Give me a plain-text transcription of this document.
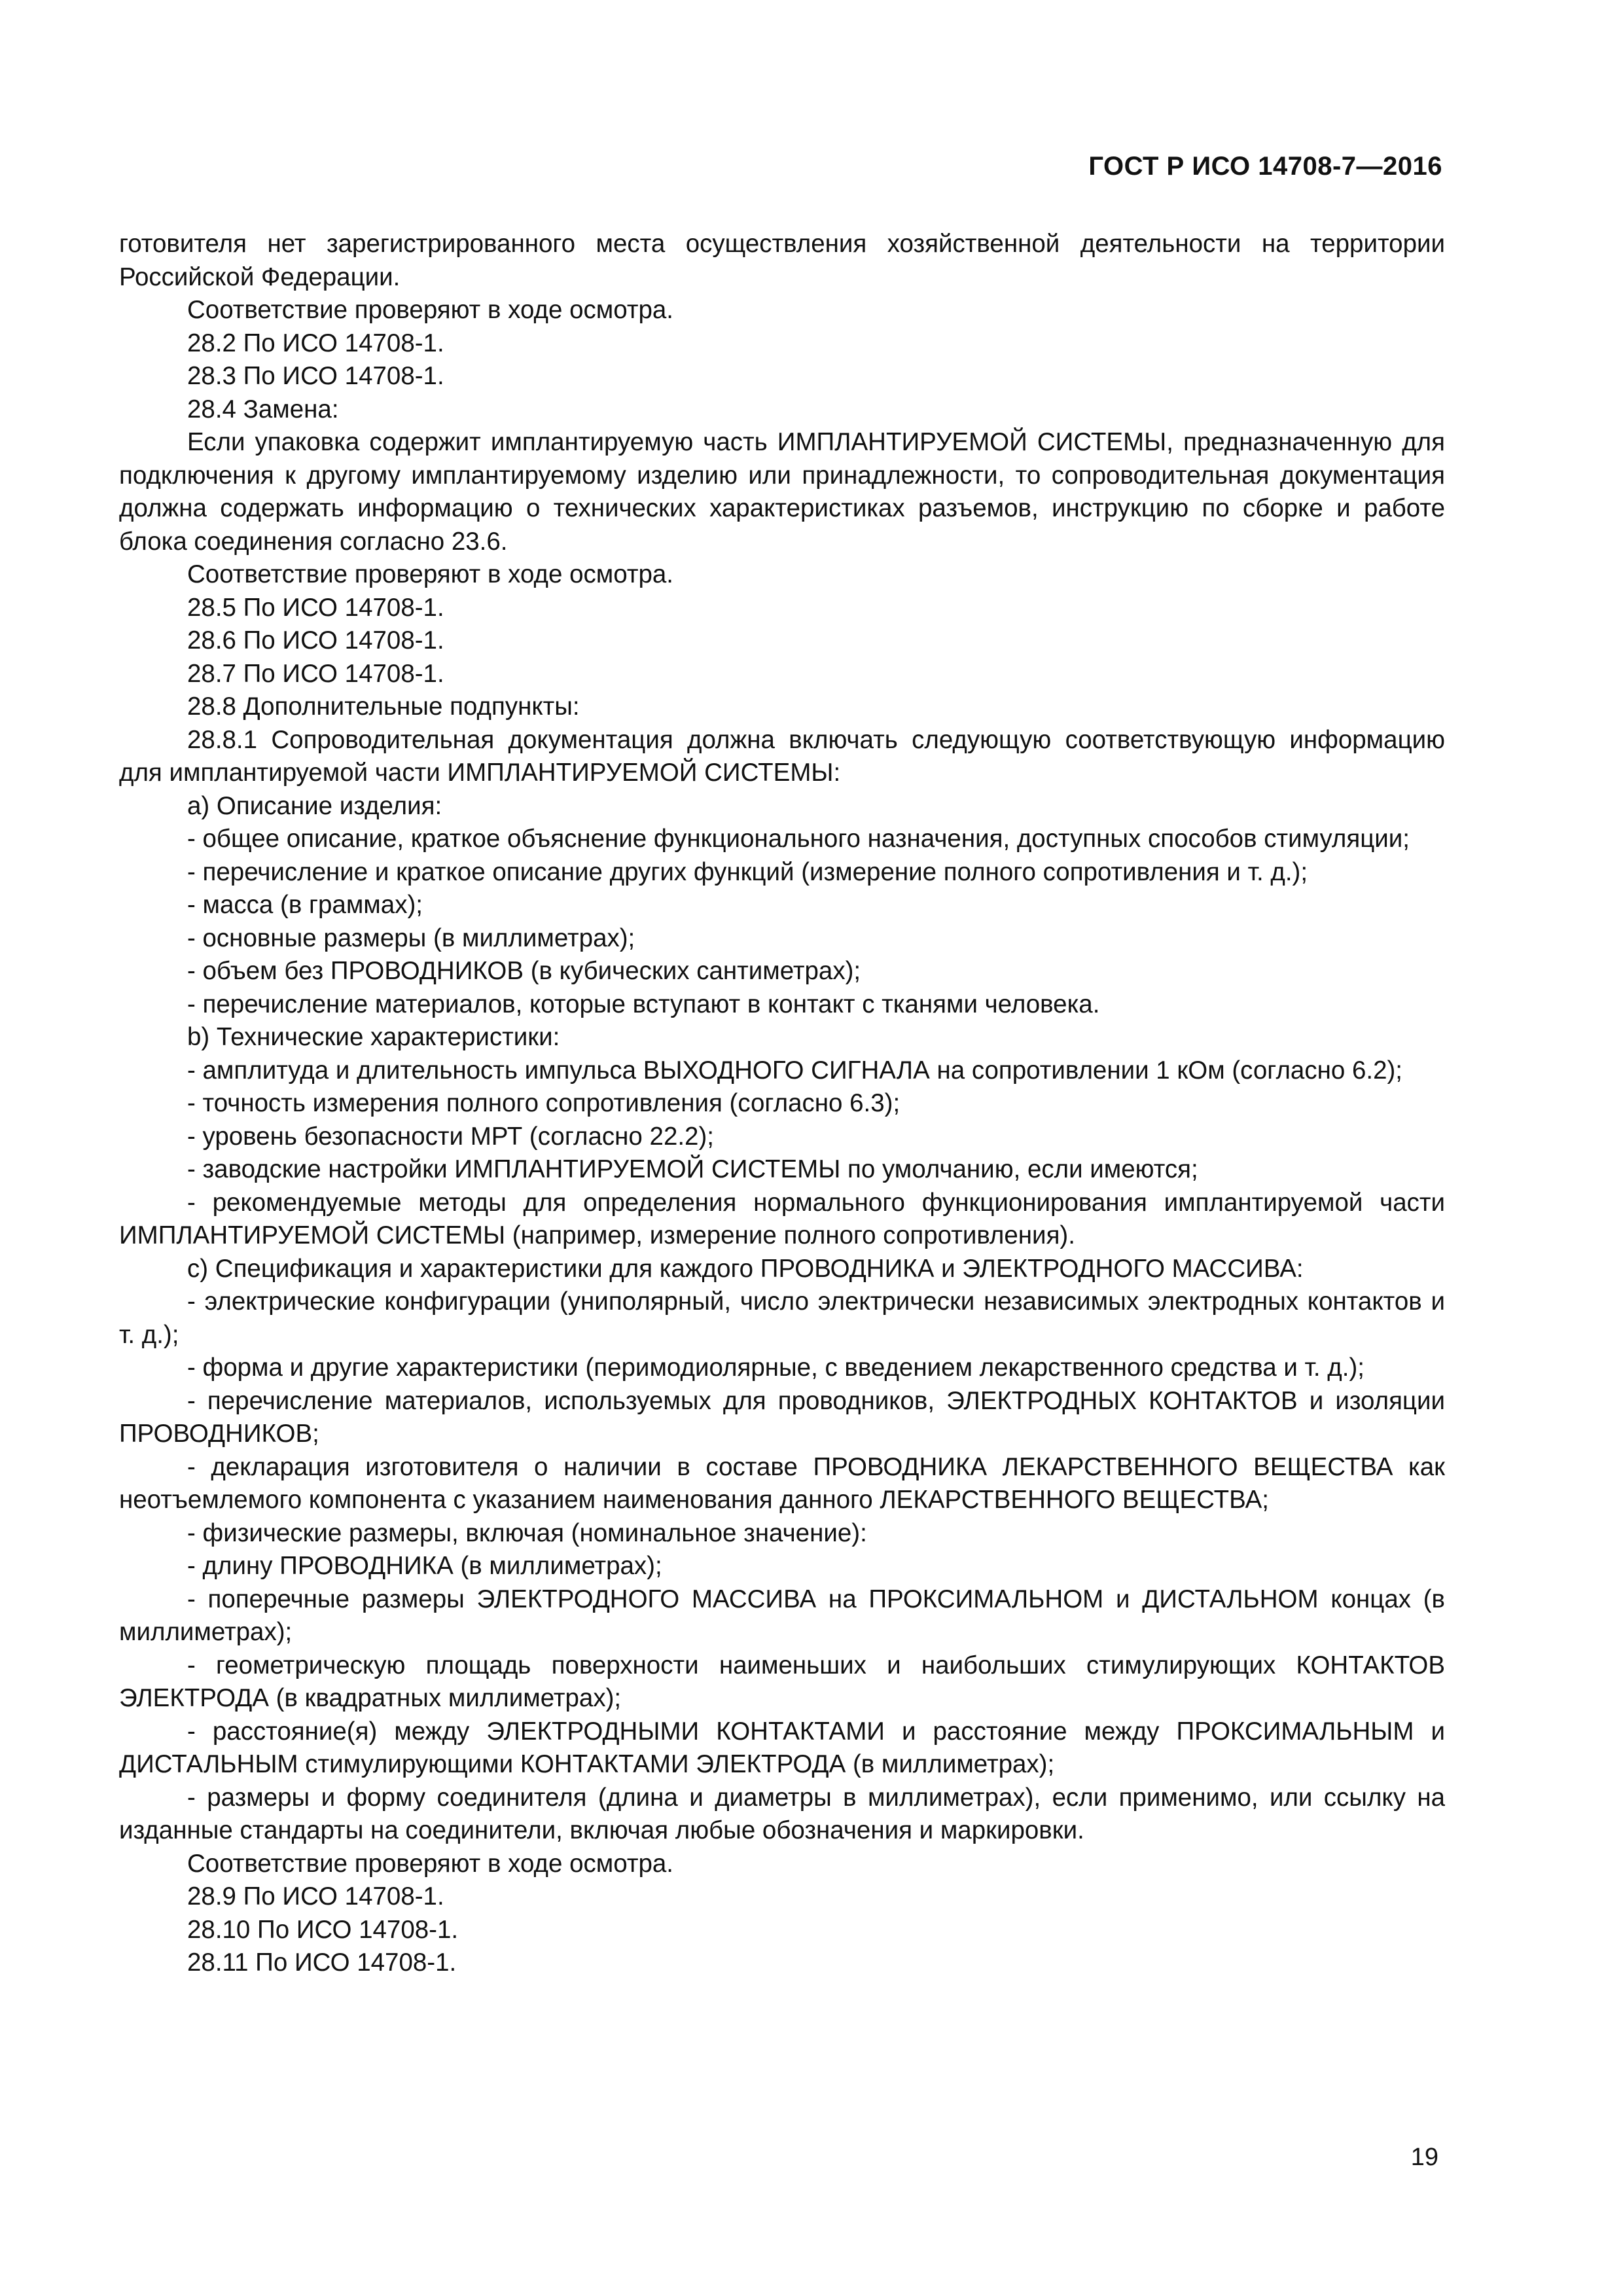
ГОСТ Р ИСО 14708-7—2016

готовителя нет зарегистрированного места осуществления хозяйственной деятельности на территории Российской Федерации.

Соответствие проверяют в ходе осмотра.

28.2 По ИСО 14708-1.

28.3 По ИСО 14708-1.

28.4 Замена:

Если упаковка содержит имплантируемую часть ИМПЛАНТИРУЕМОЙ СИСТЕМЫ, предназначенную для подключения к другому имплантируемому изделию или принадлежности, то сопроводительная документация должна содержать информацию о технических характеристиках разъемов, инструкцию по сборке и работе блока соединения согласно 23.6.

Соответствие проверяют в ходе осмотра.

28.5 По ИСО 14708-1.

28.6 По ИСО 14708-1.

28.7 По ИСО 14708-1.

28.8 Дополнительные подпункты:

28.8.1 Сопроводительная документация должна включать следующую соответствующую информацию для имплантируемой части ИМПЛАНТИРУЕМОЙ СИСТЕМЫ:

a) Описание изделия:

- общее описание, краткое объяснение функционального назначения, доступных способов стимуляции;

- перечисление и краткое описание других функций (измерение полного сопротивления и т. д.);

- масса (в граммах);

- основные размеры (в миллиметрах);

- объем без ПРОВОДНИКОВ (в кубических сантиметрах);

- перечисление материалов, которые вступают в контакт с тканями человека.

b) Технические характеристики:

- амплитуда и длительность импульса ВЫХОДНОГО СИГНАЛА на сопротивлении 1 кОм (согласно 6.2);

- точность измерения полного сопротивления (согласно 6.3);

- уровень безопасности МРТ (согласно 22.2);

- заводские настройки ИМПЛАНТИРУЕМОЙ СИСТЕМЫ по умолчанию, если имеются;

- рекомендуемые методы для определения нормального функционирования имплантируемой части ИМПЛАНТИРУЕМОЙ СИСТЕМЫ (например, измерение полного сопротивления).

c) Спецификация и характеристики для каждого ПРОВОДНИКА и ЭЛЕКТРОДНОГО МАССИВА:

- электрические конфигурации (униполярный, число электрически независимых электродных контактов и т. д.);

- форма и другие характеристики (перимодиолярные, с введением лекарственного средства и т. д.);

- перечисление материалов, используемых для проводников, ЭЛЕКТРОДНЫХ КОНТАКТОВ и изоляции ПРОВОДНИКОВ;

- декларация изготовителя о наличии в составе ПРОВОДНИКА ЛЕКАРСТВЕННОГО ВЕЩЕСТВА как неотъемлемого компонента с указанием наименования данного ЛЕКАРСТВЕННОГО ВЕЩЕСТВА;

- физические размеры, включая (номинальное значение):

- длину ПРОВОДНИКА (в миллиметрах);

- поперечные размеры ЭЛЕКТРОДНОГО МАССИВА на ПРОКСИМАЛЬНОМ и ДИСТАЛЬНОМ концах (в миллиметрах);

- геометрическую площадь поверхности наименьших и наибольших стимулирующих КОНТАКТОВ ЭЛЕКТРОДА (в квадратных миллиметрах);

- расстояние(я) между ЭЛЕКТРОДНЫМИ КОНТАКТАМИ и расстояние между ПРОКСИМАЛЬНЫМ и ДИСТАЛЬНЫМ стимулирующими КОНТАКТАМИ ЭЛЕКТРОДА (в миллиметрах);

- размеры и форму соединителя (длина и диаметры в миллиметрах), если применимо, или ссылку на изданные стандарты на соединители, включая любые обозначения и маркировки.

Соответствие проверяют в ходе осмотра.

28.9 По ИСО 14708-1.

28.10 По ИСО 14708-1.

28.11 По ИСО 14708-1.

19
